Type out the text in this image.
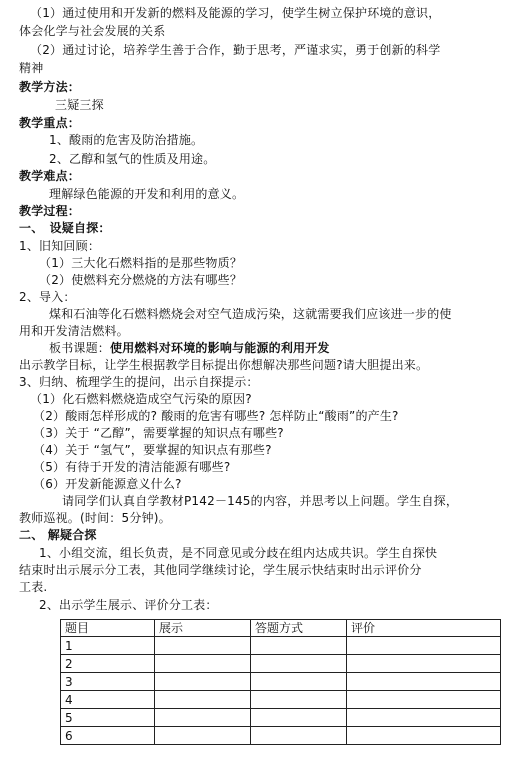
（1）通过使用和开发新的燃料及能源的学习，使学生树立保护环境的意识，
体会化学与社会发展的关系
（2）通过讨论，培养学生善于合作，勤于思考，严谨求实，勇于创新的科学
精神
教学方法：
三疑三探
教学重点：
1、酸雨的危害及防治措施。
2、乙醇和氢气的性质及用途。
教学难点：
理解绿色能源的开发和利用的意义。
教学过程：
一、　设疑自探：
1、旧知回顾：
（1）三大化石燃料指的是那些物质？
（2）使燃料充分燃烧的方法有哪些？
2、导入：
煤和石油等化石燃料燃烧会对空气造成污染，这就需要我们应该进一步的使
用和开发清洁燃料。
板书课题：使用燃料对环境的影响与能源的利用开发
出示教学目标，让学生根据教学目标提出你想解决那些问题?请大胆提出来。
3、归纳、梳理学生的提问，出示自探提示：
（1）化石燃料燃烧造成空气污染的原因?
（2）酸雨怎样形成的? 酸雨的危害有哪些? 怎样防止“酸雨”的产生?
（3）关于 “乙醇”，需要掌握的知识点有哪些?
（4）关于 “氢气”，要掌握的知识点有那些?
（5）有待于开发的清洁能源有哪些?
（6）开发新能源意义什么?
请同学们认真自学教材P142－145的内容，并思考以上问题。学生自探，
教师巡视。(时间：5分钟)。
二、 解疑合探
1、小组交流，组长负责，是不同意见或分歧在组内达成共识。学生自探快
结束时出示展示分工表，其他同学继续讨论，学生展示快结束时出示评价分
工表.
2、出示学生展示、评价分工表：
题目	展示	答题方式	评价
1			
2			
3			
4			
5			
6			
